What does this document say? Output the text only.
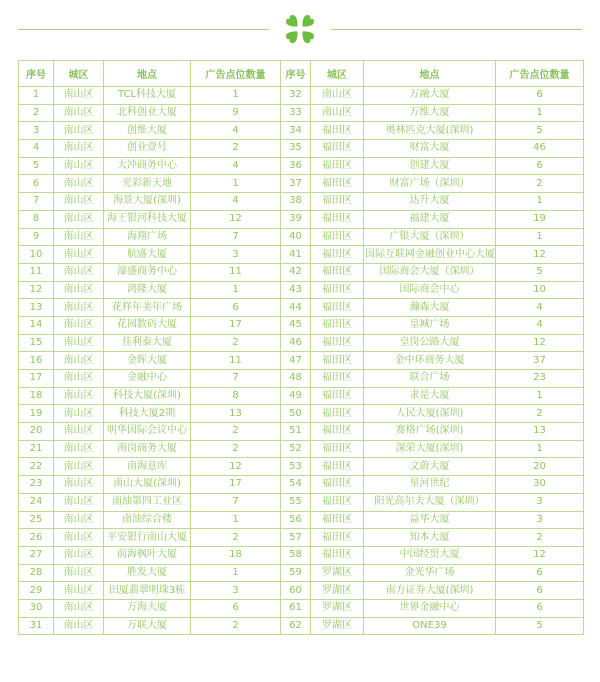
序号	城区	地点	广告点位数量	序号	城区	地点	广告点位数量
1	南山区	TCL科技大厦	1	32	南山区	万融大厦	6
2	南山区	北科创业大厦	9	33	南山区	万维大厦	1
3	南山区	创维大厦	4	34	福田区	奥林匹克大厦(深圳)	5
4	南山区	创业壹号	2	35	福田区	财富大厦	46
5	南山区	大冲商务中心	4	36	福田区	创建大厦	6
6	南山区	光彩新天地	1	37	福田区	财富广场（深圳）	2
7	南山区	海景大厦(深圳)	4	38	福田区	达升大厦	1
8	南山区	海王银河科技大厦	12	39	福田区	福建大厦	19
9	南山区	海翔广场	7	40	福田区	广银大厦（深圳）	1
10	南山区	航盛大厦	3	41	福田区	国际互联网金融创业中心大厦	12
11	南山区	濠盛商务中心	11	42	福田区	国际商会大厦（深圳）	5
12	南山区	鸿隆大厦	1	43	福田区	国际商会中心	10
13	南山区	花样年美年广场	6	44	福田区	瀚森大厦	4
14	南山区	花园数码大厦	17	45	福田区	皇城广场	4
15	南山区	佳利泰大厦	2	46	福田区	皇岗公路大厦	12
16	南山区	金晖大厦	11	47	福田区	金中环商务大厦	37
17	南山区	金融中心	7	48	福田区	联合广场	23
18	南山区	科技大厦(深圳)	8	49	福田区	求是大厦	1
19	南山区	科技大厦2期	13	50	福田区	人民大厦(深圳)	2
20	南山区	明华国际会议中心	2	51	福田区	赛格广场(深圳)	13
21	南山区	南岗商务大厦	2	52	福田区	深荣大厦(深圳)	1
22	南山区	南海意库	12	53	福田区	文蔚大厦	20
23	南山区	南山大厦(深圳)	17	54	福田区	星河世纪	30
24	南山区	南油第四工业区	7	55	福田区	阳光高尔夫大厦（深圳）	3
25	南山区	南油综合楼	1	56	福田区	益华大厦	3
26	南山区	平安银行南山大厦	2	57	福田区	知本大厦	2
27	南山区	前海枫叶大厦	18	58	福田区	中国经贸大厦	12
28	南山区	胜发大厦	1	59	罗湖区	金光华广场	6
29	南山区	田厦翡翠明珠3栋	3	60	罗湖区	南方证券大厦(深圳)	6
30	南山区	万海大厦	6	61	罗湖区	世界金融中心	6
31	南山区	万联大厦	2	62	罗湖区	ONE39	5
